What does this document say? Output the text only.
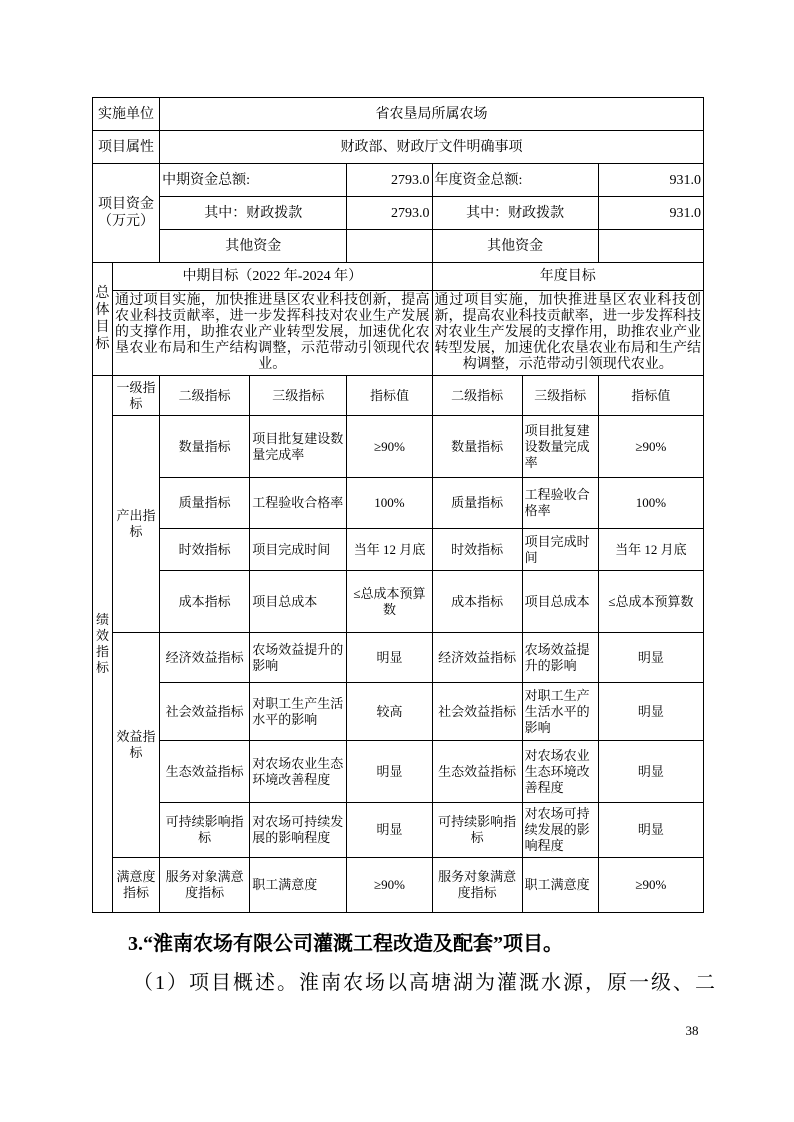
实施单位		省农垦局所属农场					
项目属性		财政部、财政厅文件明确事项					
项目资金（万元）		中期资金总额:		2793.0	年度资金总额:		931.0
		其中：财政拨款		2793.0	其中：财政拨款		931.0
		其他资金			其他资金		
总体目标	中期目标（2022 年-2024 年）				年度目标		
	通过项目实施，加快推进垦区农业科技创新，提高农业科技贡献率，进一步发挥科技对农业生产发展的支撑作用，助推农业产业转型发展，加速优化农垦农业布局和生产结构调整，示范带动引领现代农业。				通过项目实施，加快推进垦区农业科技创新，提高农业科技贡献率，进一步发挥科技对农业生产发展的支撑作用，助推农业产业转型发展，加速优化农垦农业布局和生产结构调整，示范带动引领现代农业。		
绩效指标	一级指标	二级指标	三级指标	指标值	二级指标	三级指标	指标值
	产出指标	数量指标	项目批复建设数量完成率	≥90%	数量指标	项目批复建设数量完成率	≥90%
		质量指标	工程验收合格率	100%	质量指标	工程验收合格率	100%
		时效指标	项目完成时间	当年 12 月底	时效指标	项目完成时间	当年 12 月底
		成本指标	项目总成本	≤总成本预算数	成本指标	项目总成本	≤总成本预算数
	效益指标	经济效益指标	农场效益提升的影响	明显	经济效益指标	农场效益提升的影响	明显
		社会效益指标	对职工生产生活水平的影响	较高	社会效益指标	对职工生产生活水平的影响	明显
		生态效益指标	对农场农业生态环境改善程度	明显	生态效益指标	对农场农业生态环境改善程度	明显
		可持续影响指标	对农场可持续发展的影响程度	明显	可持续影响指标	对农场可持续发展的影响程度	明显
	满意度指标	服务对象满意度指标	职工满意度	≥90%	服务对象满意度指标	职工满意度	≥90%
3.“淮南农场有限公司灌溉工程改造及配套”项目。
（1）项目概述。淮南农场以高塘湖为灌溉水源，原一级、二
38
